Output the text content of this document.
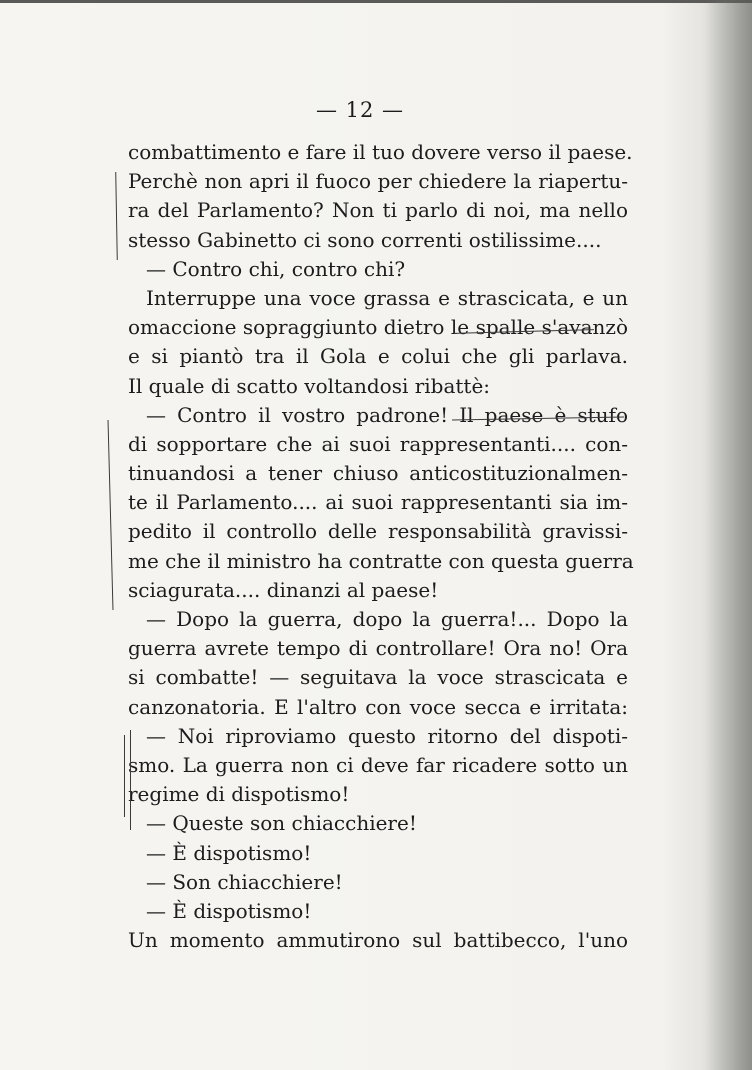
— 12 —
combattimento e fare il tuo dovere verso il paese.
Perchè non apri il fuoco per chiedere la riapertu-
ra del Parlamento? Non ti parlo di noi, ma nello
stesso Gabinetto ci sono correnti ostilissime....
— Contro chi, contro chi?
Interruppe una voce grassa e strascicata, e un
omaccione sopraggiunto dietro le spalle s'avanzò
e si piantò tra il Gola e colui che gli parlava.
Il quale di scatto voltandosi ribattè:
— Contro il vostro padrone! Il paese è stufo
di sopportare che ai suoi rappresentanti.... con-
tinuandosi a tener chiuso anticostituzionalmen-
te il Parlamento.... ai suoi rappresentanti sia im-
pedito il controllo delle responsabilità gravissi-
me che il ministro ha contratte con questa guerra
sciagurata.... dinanzi al paese!
— Dopo la guerra, dopo la guerra!... Dopo la
guerra avrete tempo di controllare! Ora no! Ora
si combatte! — seguitava la voce strascicata e
canzonatoria. E l'altro con voce secca e irritata:
— Noi riproviamo questo ritorno del dispoti-
smo. La guerra non ci deve far ricadere sotto un
regime di dispotismo!
— Queste son chiacchiere!
— È dispotismo!
— Son chiacchiere!
— È dispotismo!
Un momento ammutirono sul battibecco, l'uno
